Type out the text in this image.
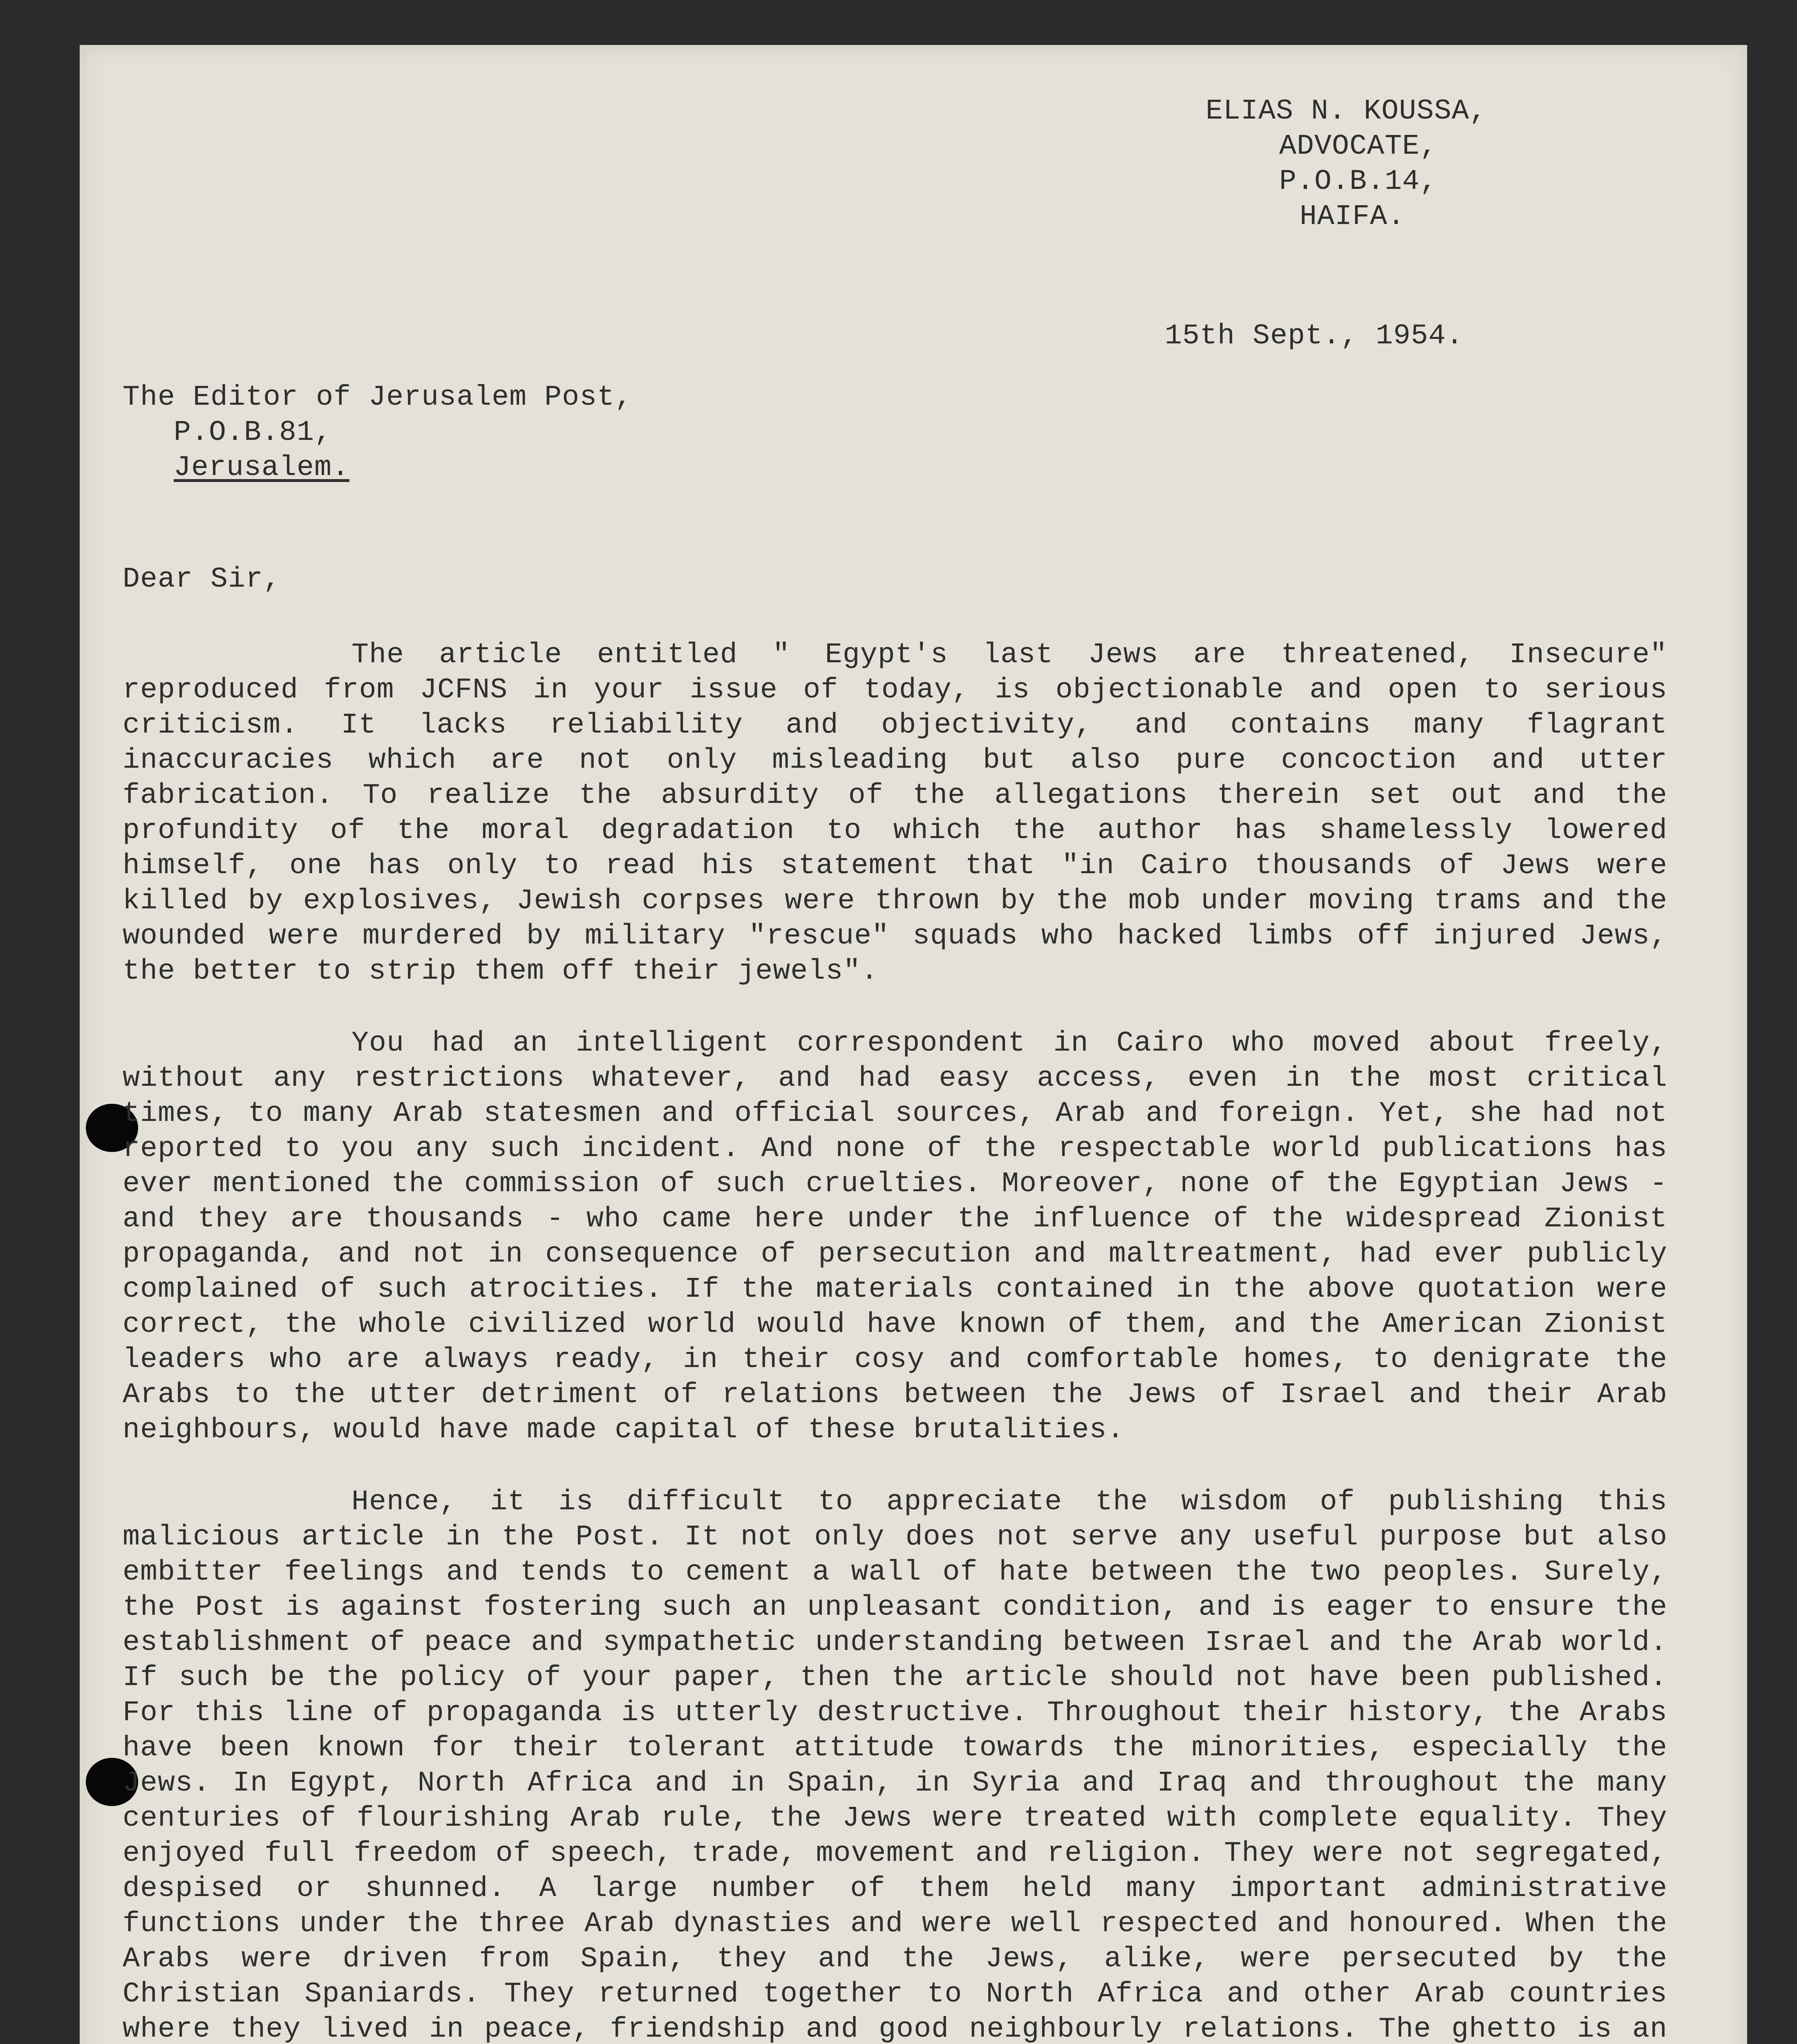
ELIAS N. KOUSSA,
ADVOCATE,
P.O.B.14,
HAIFA.
15th Sept., 1954.
The Editor of Jerusalem Post,
P.O.B.81,
Jerusalem.
Dear Sir,

The article entitled " Egypt's last Jews are threatened, Insecure" reproduced from JCFNS in your issue of today, is objectionable and open to serious criticism. It lacks reliability and objectivity, and contains many flagrant inaccuracies which are not only misleading but also pure concoction and utter fabrication. To realize the absurdity of the allegations therein set out and the profundity of the moral degradation to which the author has shamelessly lowered himself, one has only to read his statement that "in Cairo thousands of Jews were killed by explosives, Jewish corpses were thrown by the mob under moving trams and the wounded were murdered by military "rescue" squads who hacked limbs off injured Jews, the better to strip them off their jewels".

You had an intelligent correspondent in Cairo who moved about freely, without any restrictions whatever, and had easy access, even in the most critical times, to many Arab statesmen and official sources, Arab and foreign. Yet, she had not reported to you any such incident. And none of the respectable world publications has ever mentioned the commission of such cruelties. Moreover, none of the Egyptian Jews - and they are thousands - who came here under the influence of the widespread Zionist propaganda, and not in consequence of persecution and maltreatment, had ever publicly complained of such atrocities. If the materials contained in the above quotation were correct, the whole civilized world would have known of them, and the American Zionist leaders who are always ready, in their cosy and comfortable homes, to denigrate the Arabs to the utter detriment of relations between the Jews of Israel and their Arab neighbours, would have made capital of these brutalities.

Hence, it is difficult to appreciate the wisdom of publishing this malicious article in the Post. It not only does not serve any useful purpose but also embitter feelings and tends to cement a wall of hate between the two peoples. Surely, the Post is against fostering such an unpleasant condition, and is eager to ensure the establishment of peace and sympathetic understanding between Israel and the Arab world. If such be the policy of your paper, then the article should not have been published. For this line of propaganda is utterly destructive. Throughout their history, the Arabs have been known for their tolerant attitude towards the minorities, especially the Jews. In Egypt, North Africa and in Spain, in Syria and Iraq and throughout the many centuries of flourishing Arab rule, the Jews were treated with complete equality. They enjoyed full freedom of speech, trade, movement and religion. They were not segregated, despised or shunned. A large number of them held many important administrative functions under the three Arab dynasties and were well respected and honoured. When the Arabs were driven from Spain, they and the Jews, alike, were persecuted by the Christian Spaniards. They returned together to North Africa and other Arab countries where they lived in peace, friendship and good neighbourly relations. The ghetto is an
